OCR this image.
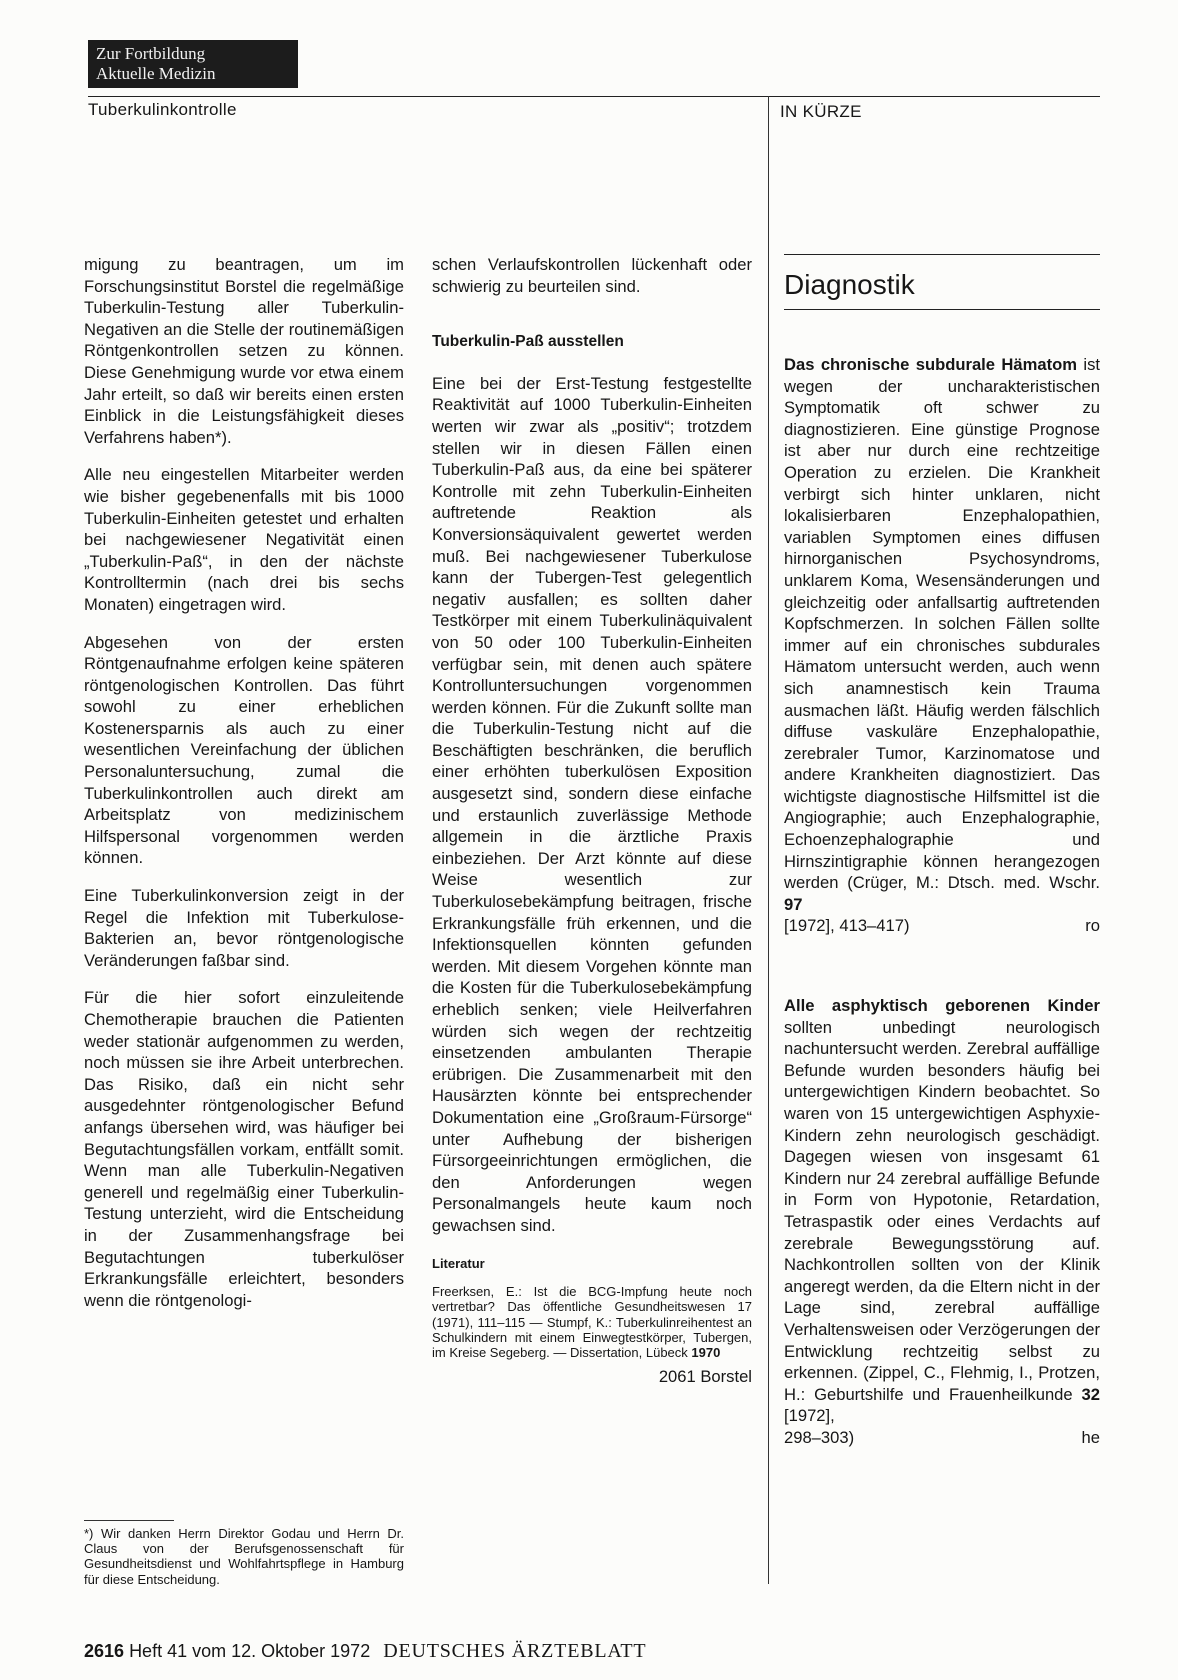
Zur Fortbildung
Aktuelle Medizin
Tuberkulinkontrolle	IN KÜRZE

migung zu beantragen, um im Forschungsinstitut Borstel die regelmäßige Tuberkulin-Testung aller Tuberkulin-Negativen an die Stelle der routinemäßigen Röntgenkontrollen setzen zu können. Diese Genehmigung wurde vor etwa einem Jahr erteilt, so daß wir bereits einen ersten Einblick in die Leistungsfähigkeit dieses Verfahrens haben*).

Alle neu eingestellen Mitarbeiter werden wie bisher gegebenenfalls mit bis 1000 Tuberkulin-Einheiten getestet und erhalten bei nachgewiesener Negativität einen „Tuberkulin-Paß“, in den der nächste Kontrolltermin (nach drei bis sechs Monaten) eingetragen wird.

Abgesehen von der ersten Röntgenaufnahme erfolgen keine späteren röntgenologischen Kontrollen. Das führt sowohl zu einer erheblichen Kostenersparnis als auch zu einer wesentlichen Vereinfachung der üblichen Personaluntersuchung, zumal die Tuberkulinkontrollen auch direkt am Arbeitsplatz von medizinischem Hilfspersonal vorgenommen werden können.

Eine Tuberkulinkonversion zeigt in der Regel die Infektion mit Tuberkulose-Bakterien an, bevor röntgenologische Veränderungen faßbar sind.

Für die hier sofort einzuleitende Chemotherapie brauchen die Patienten weder stationär aufgenommen zu werden, noch müssen sie ihre Arbeit unterbrechen. Das Risiko, daß ein nicht sehr ausgedehnter röntgenologischer Befund anfangs übersehen wird, was häufiger bei Begutachtungsfällen vorkam, entfällt somit. Wenn man alle Tuberkulin-Negativen generell und regelmäßig einer Tuberkulin-Testung unterzieht, wird die Entscheidung in der Zusammenhangsfrage bei Begutachtungen tuberkulöser Erkrankungsfälle erleichtert, besonders wenn die röntgenologi-

*) Wir danken Herrn Direktor Godau und Herrn Dr. Claus von der Berufsgenossenschaft für Gesundheitsdienst und Wohlfahrtspflege in Hamburg für diese Entscheidung.

schen Verlaufskontrollen lückenhaft oder schwierig zu beurteilen sind.

Tuberkulin-Paß ausstellen

Eine bei der Erst-Testung festgestellte Reaktivität auf 1000 Tuberkulin-Einheiten werten wir zwar als „positiv“; trotzdem stellen wir in diesen Fällen einen Tuberkulin-Paß aus, da eine bei späterer Kontrolle mit zehn Tuberkulin-Einheiten auftretende Reaktion als Konversionsäquivalent gewertet werden muß. Bei nachgewiesener Tuberkulose kann der Tubergen-Test gelegentlich negativ ausfallen; es sollten daher Testkörper mit einem Tuberkulinäquivalent von 50 oder 100 Tuberkulin-Einheiten verfügbar sein, mit denen auch spätere Kontrolluntersuchungen vorgenommen werden können. Für die Zukunft sollte man die Tuberkulin-Testung nicht auf die Beschäftigten beschränken, die beruflich einer erhöhten tuberkulösen Exposition ausgesetzt sind, sondern diese einfache und erstaunlich zuverlässige Methode allgemein in die ärztliche Praxis einbeziehen. Der Arzt könnte auf diese Weise wesentlich zur Tuberkulosebekämpfung beitragen, frische Erkrankungsfälle früh erkennen, und die Infektionsquellen könnten gefunden werden. Mit diesem Vorgehen könnte man die Kosten für die Tuberkulosebekämpfung erheblich senken; viele Heilverfahren würden sich wegen der rechtzeitig einsetzenden ambulanten Therapie erübrigen. Die Zusammenarbeit mit den Hausärzten könnte bei entsprechender Dokumentation eine „Großraum-Fürsorge“ unter Aufhebung der bisherigen Fürsorgeeinrichtungen ermöglichen, die den Anforderungen wegen Personalmangels heute kaum noch gewachsen sind.

Literatur
Freerksen, E.: Ist die BCG-Impfung heute noch vertretbar? Das öffentliche Gesundheitswesen 17 (1971), 111–115 — Stumpf, K.: Tuberkulinreihentest an Schulkindern mit einem Einwegtestkörper, Tubergen, im Kreise Segeberg. — Dissertation, Lübeck 1970
2061 Borstel
Diagnostik
Das chronische subdurale Hämatom ist wegen der uncharakteristischen Symptomatik oft schwer zu diagnostizieren. Eine günstige Prognose ist aber nur durch eine rechtzeitige Operation zu erzielen. Die Krankheit verbirgt sich hinter unklaren, nicht lokalisierbaren Enzephalopathien, variablen Symptomen eines diffusen hirnorganischen Psychosyndroms, unklarem Koma, Wesensänderungen und gleichzeitig oder anfallsartig auftretenden Kopfschmerzen. In solchen Fällen sollte immer auf ein chronisches subdurales Hämatom untersucht werden, auch wenn sich anamnestisch kein Trauma ausmachen läßt. Häufig werden fälschlich diffuse vaskuläre Enzephalopathie, zerebraler Tumor, Karzinomatose und andere Krankheiten diagnostiziert. Das wichtigste diagnostische Hilfsmittel ist die Angiographie; auch Enzephalographie, Echoenzephalographie und Hirnszintigraphie können herangezogen werden (Crüger, M.: Dtsch. med. Wschr. 97
[1972], 413–417)	ro
Alle asphyktisch geborenen Kinder sollten unbedingt neurologisch nachuntersucht werden. Zerebral auffällige Befunde wurden besonders häufig bei untergewichtigen Kindern beobachtet. So waren von 15 untergewichtigen Asphyxie-Kindern zehn neurologisch geschädigt. Dagegen wiesen von insgesamt 61 Kindern nur 24 zerebral auffällige Befunde in Form von Hypotonie, Retardation, Tetraspastik oder eines Verdachts auf zerebrale Bewegungsstörung auf. Nachkontrollen sollten von der Klinik angeregt werden, da die Eltern nicht in der Lage sind, zerebral auffällige Verhaltensweisen oder Verzögerungen der Entwicklung rechtzeitig selbst zu erkennen. (Zippel, C., Flehmig, I., Protzen, H.: Geburtshilfe und Frauenheilkunde 32 [1972],
298–303)	he
2616 Heft 41 vom 12. Oktober 1972 DEUTSCHES ÄRZTEBLATT
